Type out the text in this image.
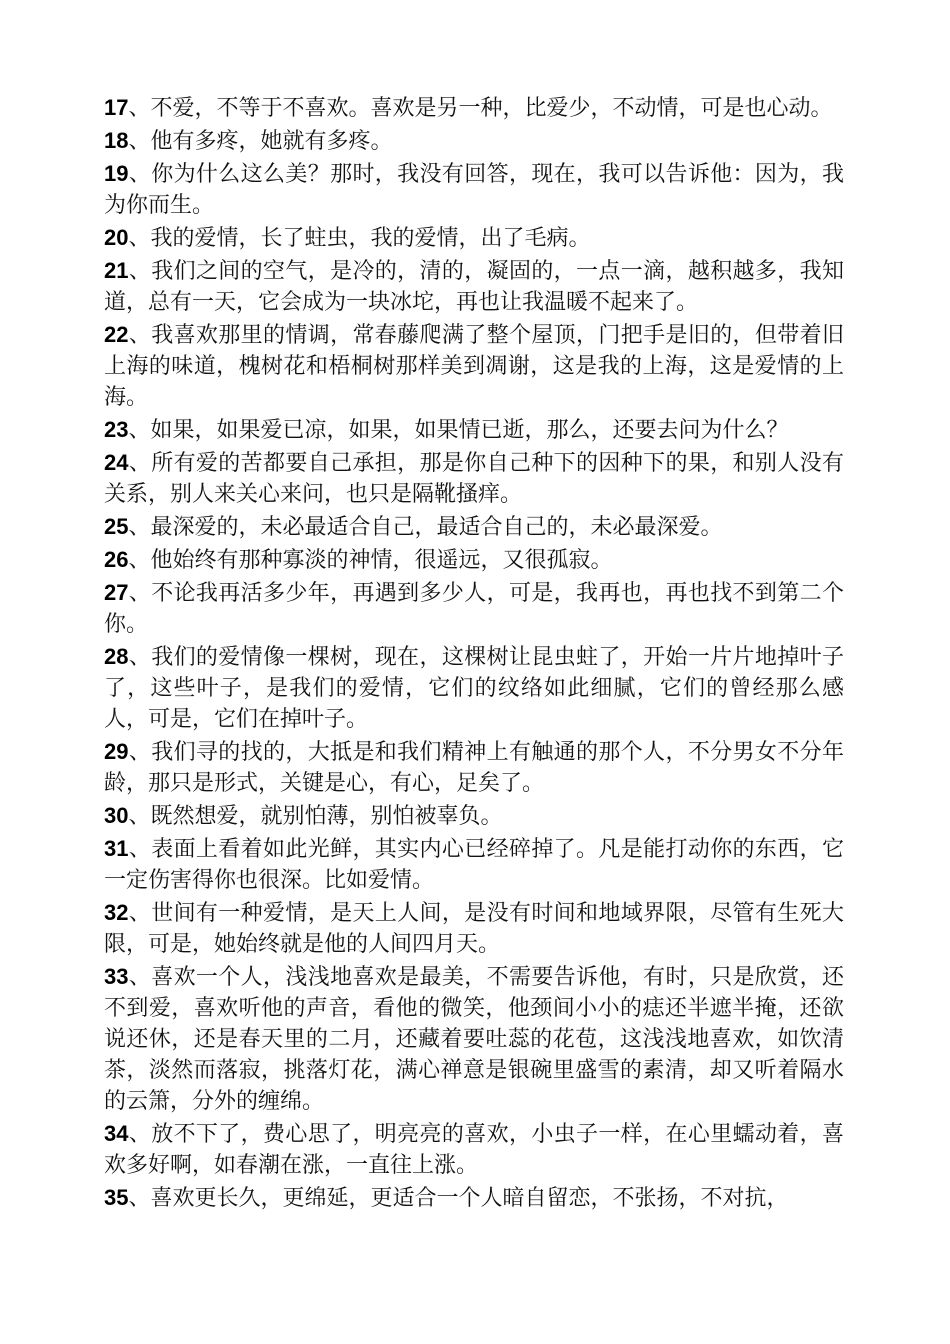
17、不爱，不等于不喜欢。喜欢是另一种，比爱少，不动情，可是也心动。

18、他有多疼，她就有多疼。

19、你为什么这么美？那时，我没有回答，现在，我可以告诉他：因为，我为你而生。

20、我的爱情，长了蛀虫，我的爱情，出了毛病。

21、我们之间的空气，是冷的，清的，凝固的，一点一滴，越积越多，我知道，总有一天，它会成为一块冰坨，再也让我温暖不起来了。

22、我喜欢那里的情调，常春藤爬满了整个屋顶，门把手是旧的，但带着旧上海的味道，槐树花和梧桐树那样美到凋谢，这是我的上海，这是爱情的上海。

23、如果，如果爱已凉，如果，如果情已逝，那么，还要去问为什么？

24、所有爱的苦都要自己承担，那是你自己种下的因种下的果，和别人没有关系，别人来关心来问，也只是隔靴搔痒。

25、最深爱的，未必最适合自己，最适合自己的，未必最深爱。

26、他始终有那种寡淡的神情，很遥远，又很孤寂。

27、不论我再活多少年，再遇到多少人，可是，我再也，再也找不到第二个你。

28、我们的爱情像一棵树，现在，这棵树让昆虫蛀了，开始一片片地掉叶子了，这些叶子，是我们的爱情，它们的纹络如此细腻，它们的曾经那么感人，可是，它们在掉叶子。

29、我们寻的找的，大抵是和我们精神上有触通的那个人，不分男女不分年龄，那只是形式，关键是心，有心，足矣了。

30、既然想爱，就别怕薄，别怕被辜负。

31、表面上看着如此光鲜，其实内心已经碎掉了。凡是能打动你的东西，它一定伤害得你也很深。比如爱情。

32、世间有一种爱情，是天上人间，是没有时间和地域界限，尽管有生死大限，可是，她始终就是他的人间四月天。

33、喜欢一个人，浅浅地喜欢是最美，不需要告诉他，有时，只是欣赏，还不到爱，喜欢听他的声音，看他的微笑，他颈间小小的痣还半遮半掩，还欲说还休，还是春天里的二月，还藏着要吐蕊的花苞，这浅浅地喜欢，如饮清茶，淡然而落寂，挑落灯花，满心禅意是银碗里盛雪的素清，却又听着隔水的云箫，分外的缠绵。

34、放不下了，费心思了，明亮亮的喜欢，小虫子一样，在心里蠕动着，喜欢多好啊，如春潮在涨，一直往上涨。

35、喜欢更长久，更绵延，更适合一个人暗自留恋，不张扬，不对抗，
